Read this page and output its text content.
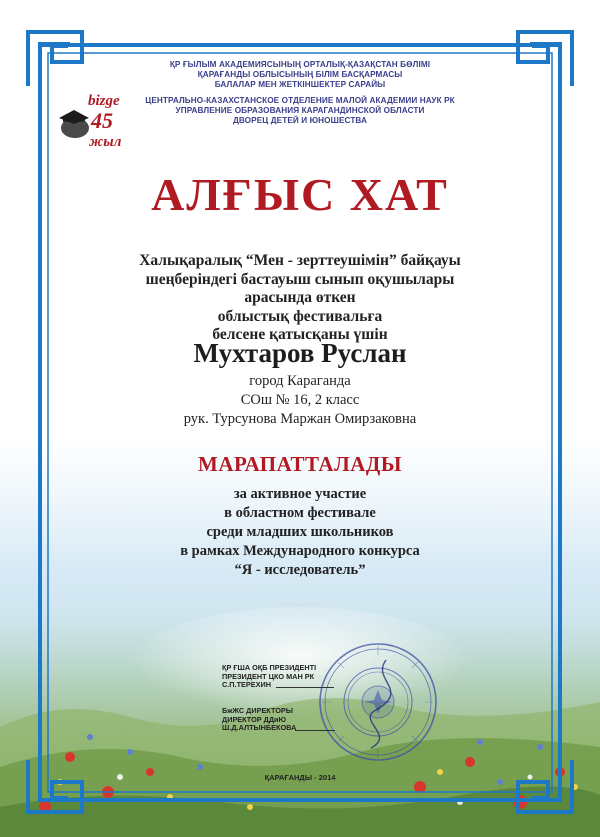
ҚР ҒЫЛЫМ АКАДЕМИЯСЫНЫҢ ОРТАЛЫҚ-ҚАЗАҚСТАН БӨЛІМІ
ҚАРАҒАНДЫ ОБЛЫСЫНЫҢ БІЛІМ БАСҚАРМАСЫ
БАЛАЛАР МЕН ЖЕТКІНШЕКТЕР САРАЙЫ
ЦЕНТРАЛЬНО-КАЗАХСТАНСКОЕ ОТДЕЛЕНИЕ МАЛОЙ АКАДЕМИИ НАУК РК
УПРАВЛЕНИЕ ОБРАЗОВАНИЯ КАРАГАНДИНСКОЙ ОБЛАСТИ
ДВОРЕЦ ДЕТЕЙ И ЮНОШЕСТВА
bizge
45
жыл
АЛҒЫС ХАТ
Халықаралық “Мен - зерттеушімін” байқауы
шеңберіндегі бастауыш сынып оқушылары
арасында өткен
облыстық фестивальға
белсене қатысқаны үшін
Мухтаров Руслан
город Караганда
СОш № 16, 2 класс
рук. Турсунова Маржан Омирзаковна
МАРАПАТТАЛАДЫ
за активное участие
в областном фестивале
среди младших школьников
в рамках Международного конкурса
“Я - исследователь”
ҚР ҒША ОҚБ ПРЕЗИДЕНТІ
ПРЕЗИДЕНТ ЦКО МАН РК
С.П.ТЕРЕХИН
БжЖС ДИРЕКТОРЫ
ДИРЕКТОР ДДиЮ
Ш.Д.АЛТЫНБЕКОВА
ҚАРАҒАНДЫ - 2014
